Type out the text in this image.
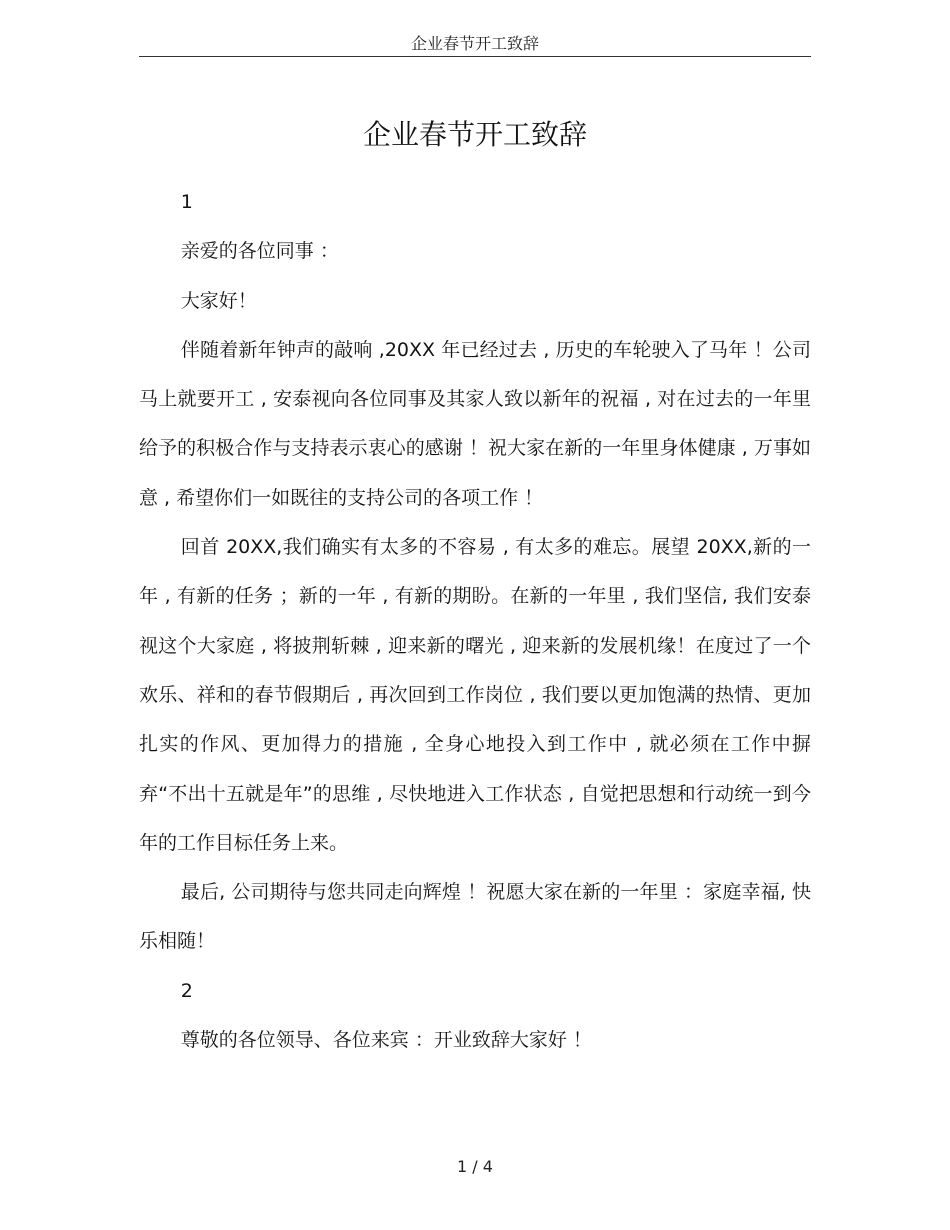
企业春节开工致辞
企业春节开工致辞

1

亲爱的各位同事 ：

大家好！

伴随着新年钟声的敲响 ,20XX 年已经过去 , 历史的车轮驶入了马年 ！公司马上就要开工 , 安泰视向各位同事及其家人致以新年的祝福 , 对在过去的一年里给予的积极合作与支持表示衷心的感谢 ！祝大家在新的一年里身体健康 , 万事如意 , 希望你们一如既往的支持公司的各项工作 ！

回首 20XX,我们确实有太多的不容易 , 有太多的难忘。展望 20XX,新的一年 , 有新的任务 ；新的一年 , 有新的期盼。在新的一年里 , 我们坚信, 我们安泰视这个大家庭 , 将披荆斩棘 , 迎来新的曙光 , 迎来新的发展机缘！在度过了一个欢乐、祥和的春节假期后 , 再次回到工作岗位 , 我们要以更加饱满的热情、更加扎实的作风、更加得力的措施 , 全身心地投入到工作中 , 就必须在工作中摒弃“不出十五就是年”的思维 , 尽快地进入工作状态 , 自觉把思想和行动统一到今年的工作目标任务上来。

最后, 公司期待与您共同走向辉煌 ！祝愿大家在新的一年里 ：家庭幸福, 快乐相随！

2

尊敬的各位领导、各位来宾 ：开业致辞大家好 ！

1 / 4
